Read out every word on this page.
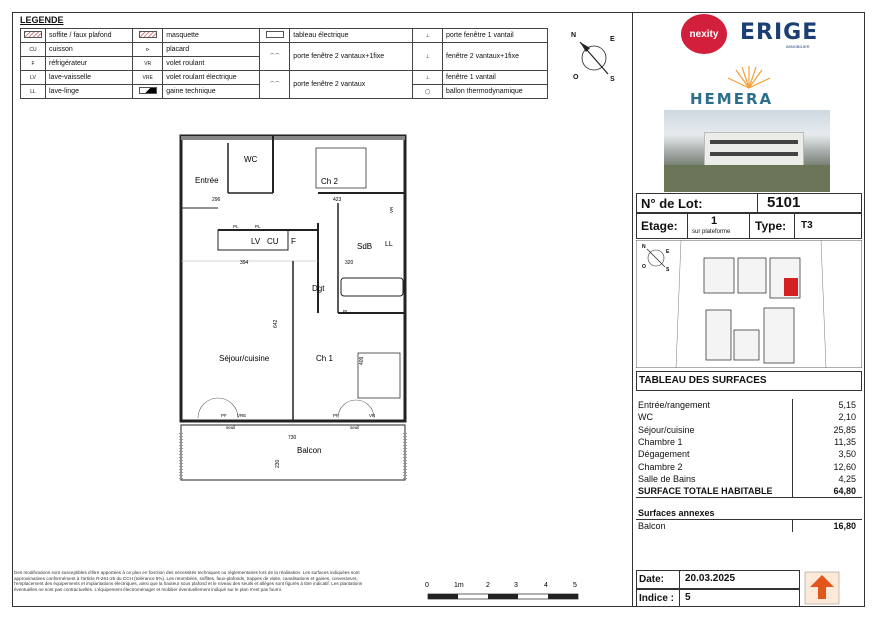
LEGENDE
	soffite / faux plafond		masquette		tableau électrique	⊥	porte fenêtre 1 vantail
CU	cuisson	⊳	placard	⌒⌒	porte fenêtre 2 vantaux+1fixe	⊥	fenêtre 2 vantaux+1fixe
F	réfrigérateur	VR	volet roulant				
LV	lave-vaisselle	VRE	volet roulant électrique	⌒⌒	porte fenêtre 2 vantaux	⊥	fenêtre 1 vantail
LL	lave-linge		gaine technique			◯	ballon thermodynamique
N
E
O	S
WC
Entrée	Ch 2
SdB LL
Dgt
Séjour/cuisine	Ch 1
Balcon
LV CU F
296	423
394	320
642
409
730
230
PL	PL
PL
PF VRE	PF	VR
seuil	seuil
VR
nexity ERIGE
IMMOBILIER
HEMERA
N° de Lot:	5101
Etage:	1
sur plateforme Type: T3
N
E
O	S
TABLEAU DES SURFACES
Entrée/rangement	5,15
WC	2,10
Séjour/cuisine	25,85
Chambre 1	11,35
Dégagement	3,50
Chambre 2	12,60
Salle de Bains	4,25
SURFACE TOTALE HABITABLE	64,80

Surfaces annexes	
Balcon	16,80
Des modifications sont susceptibles d'être apportées à ce plan en fonction des nécessités techniques ou réglementaires lors de la réalisation. Les surfaces indiquées sont approximatives conformément à l'article R-261-25 du CCH (tolérance 5%). Les retombées, soffites, faux-plafonds, trappes de visite, canalisations et gaines, convecteurs, l'emplacement des équipements et implantations électriques, ainsi que la hauteur sous plafond et le niveau des seuils et allèges sont figurés à titre indicatif. Les plantations éventuelles ne sont pas contractuelles. L'équipement électroménager et mobilier éventuellement indiqué sur le plan n'est pas fourni.
0	1m	2	3	4	5
Date: 20.03.2025
Indice : 5
